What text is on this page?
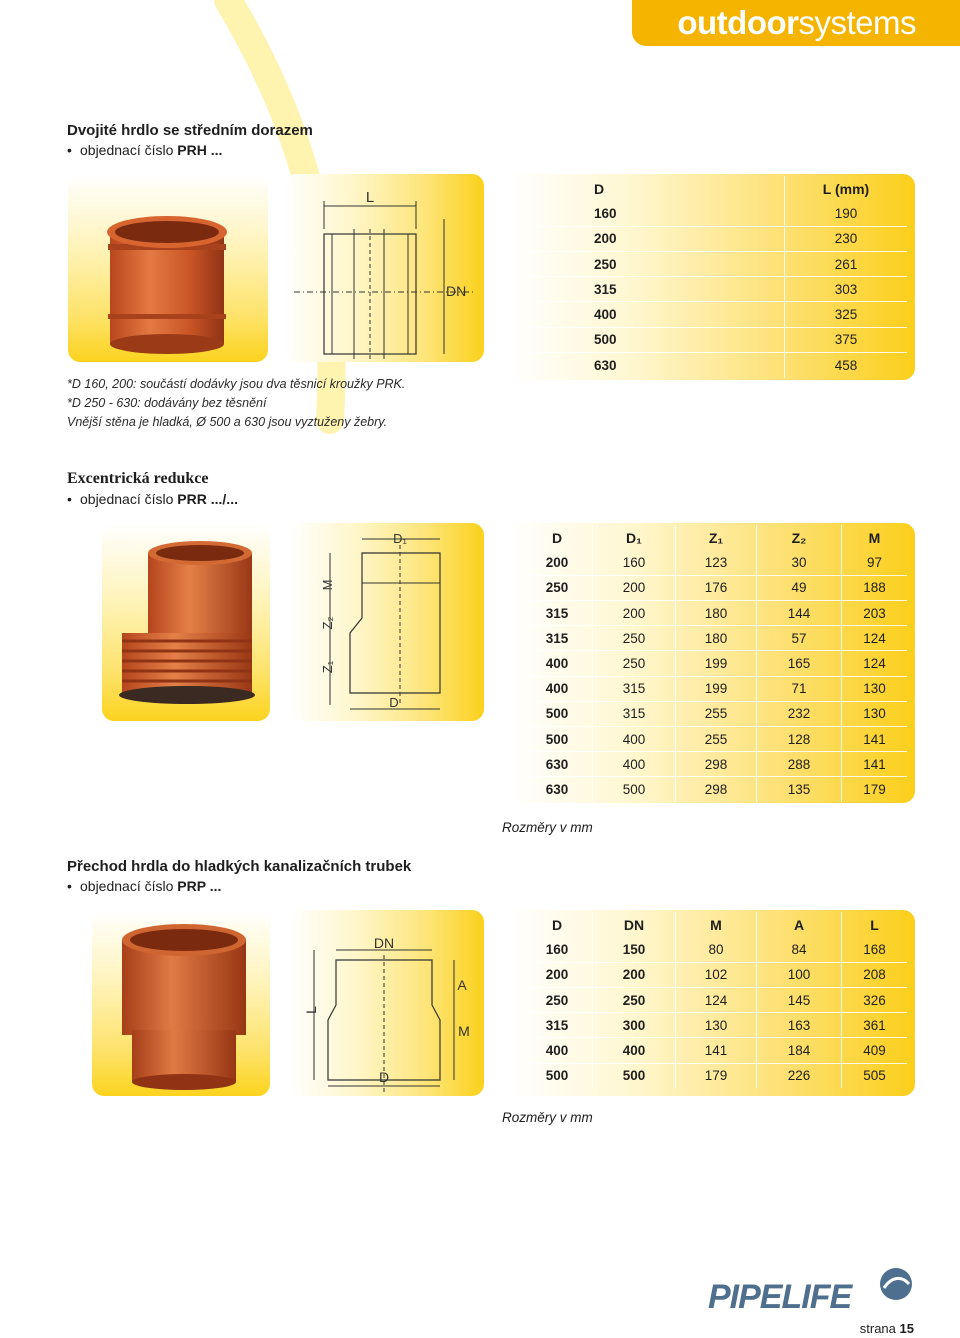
outdoorsystems
Dvojité hrdlo se středním dorazem
• objednací číslo PRH ...
L
DN
D	L (mm)
160	190
200	230
250	261
315	303
400	325
500	375
630	458
*D 160, 200: součástí dodávky jsou dva těsnicí kroužky PRK.
*D 250 - 630: dodávány bez těsnění
Vnější stěna je hladká, Ø 500 a 630 jsou vyztuženy žebry.
Excentrická redukce
• objednací číslo PRR .../...
D₁
M
Z₂
Z₁
D
D	D₁	Z₁	Z₂	M
200	160	123	30	97
250	200	176	49	188
315	200	180	144	203
315	250	180	57	124
400	250	199	165	124
400	315	199	71	130
500	315	255	232	130
500	400	255	128	141
630	400	298	288	141
630	500	298	135	179
Rozměry v mm
Přechod hrdla do hladkých kanalizačních trubek
• objednací číslo PRP ...
DN
L
A
M
D
D	DN	M	A	L
160	150	80	84	168
200	200	102	100	208
250	250	124	145	326
315	300	130	163	361
400	400	141	184	409
500	500	179	226	505
Rozměry v mm
PIPELIFE
strana 15
